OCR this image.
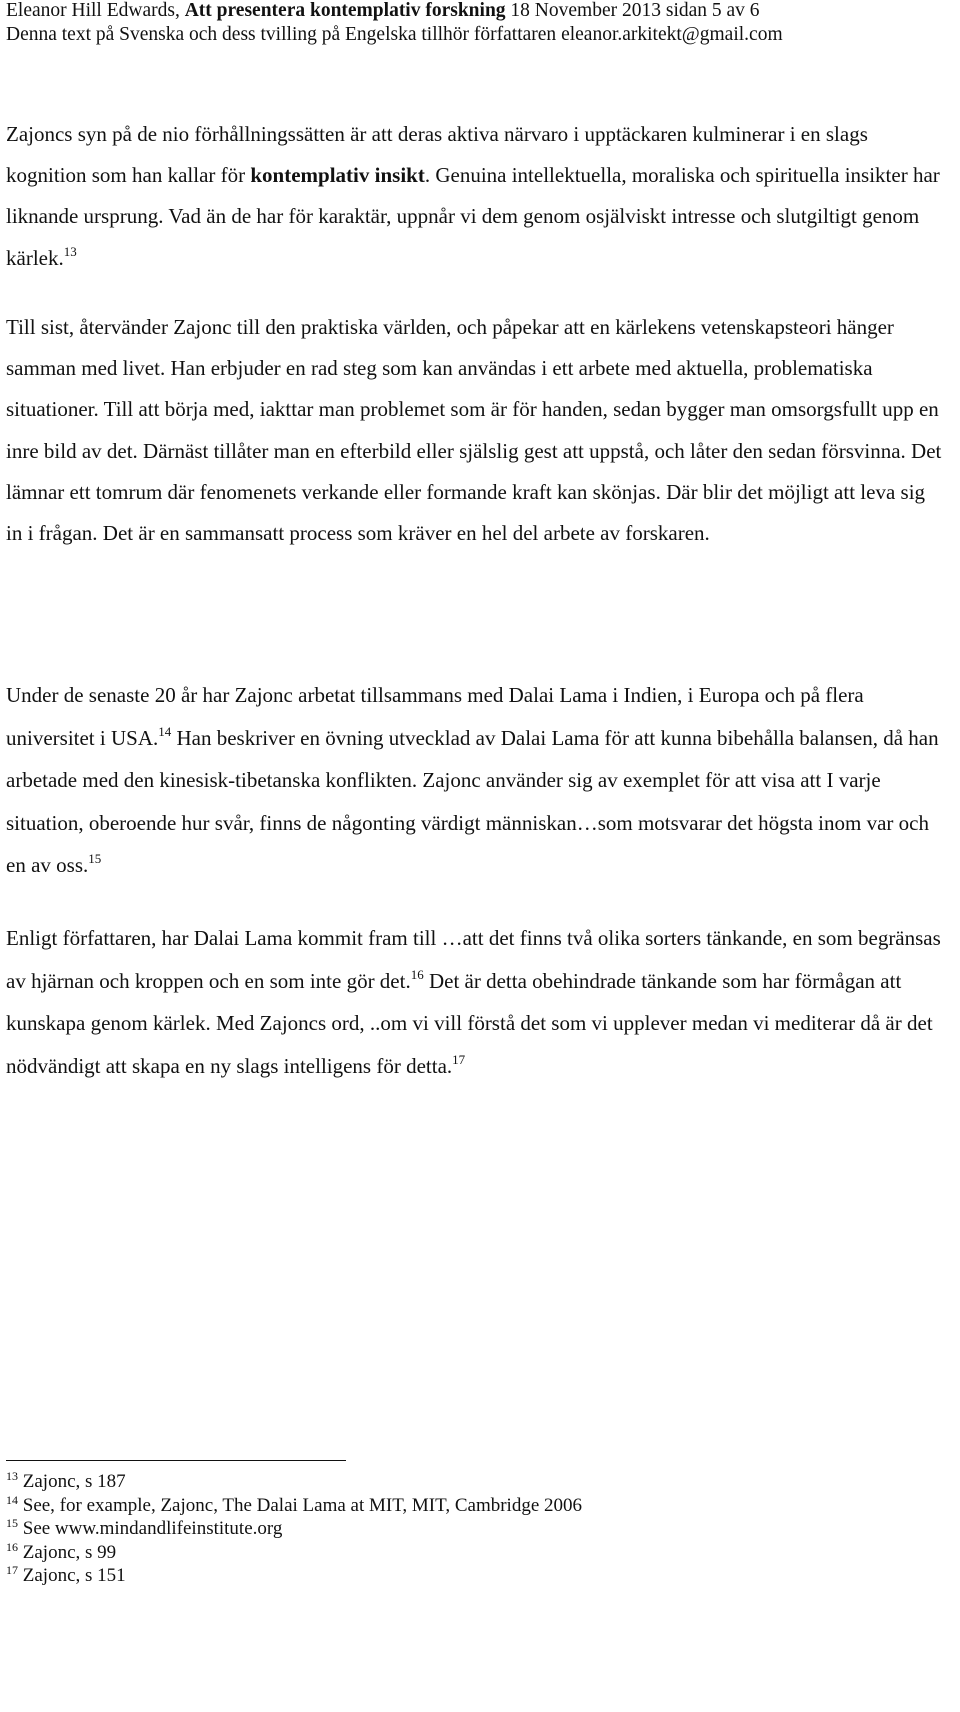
Eleanor Hill Edwards, Att presentera kontemplativ forskning 18 November 2013 sidan 5 av 6
Denna text på Svenska och dess tvilling på Engelska tillhör författaren eleanor.arkitekt@gmail.com

Zajoncs syn på de nio förhållningssätten är att deras aktiva närvaro i upptäckaren kulminerar i en slags kognition som han kallar för kontemplativ insikt. Genuina intellektuella, moraliska och spirituella insikter har liknande ursprung. Vad än de har för karaktär, uppnår vi dem genom osjälviskt intresse och slutgiltigt genom kärlek.$^{13}$

Till sist, återvänder Zajonc till den praktiska världen, och påpekar att en kärlekens vetenskapsteori hänger samman med livet. Han erbjuder en rad steg som kan användas i ett arbete med aktuella, problematiska situationer. Till att börja med, iakttar man problemet som är för handen, sedan bygger man omsorgsfullt upp en inre bild av det. Därnäst tillåter man en efterbild eller själslig gest att uppstå, och låter den sedan försvinna. Det lämnar ett tomrum där fenomenets verkande eller formande kraft kan skönjas. Där blir det möjligt att leva sig in i frågan. Det är en sammansatt process som kräver en hel del arbete av forskaren.

Under de senaste 20 år har Zajonc arbetat tillsammans med Dalai Lama i Indien, i Europa och på flera universitet i USA.$^{14}$ Han beskriver en övning utvecklad av Dalai Lama för att kunna bibehålla balansen, då han arbetade med den kinesisk-tibetanska konflikten. Zajonc använder sig av exemplet för att visa att I varje situation, oberoende hur svår, finns de någonting värdigt människan…som motsvarar det högsta inom var och en av oss.$^{15}$

Enligt författaren, har Dalai Lama kommit fram till …att det finns två olika sorters tänkande, en som begränsas av hjärnan och kroppen och en som inte gör det.$^{16}$ Det är detta obehindrade tänkande som har förmågan att kunskapa genom kärlek. Med Zajoncs ord, ..om vi vill förstå det som vi upplever medan vi mediterar då är det nödvändigt att skapa en ny slags intelligens för detta.$^{17}$

$^{13}$ Zajonc, s 187
$^{14}$ See, for example, Zajonc, The Dalai Lama at MIT, MIT, Cambridge 2006
$^{15}$ See www.mindandlifeinstitute.org
$^{16}$ Zajonc, s 99
$^{17}$ Zajonc, s 151
